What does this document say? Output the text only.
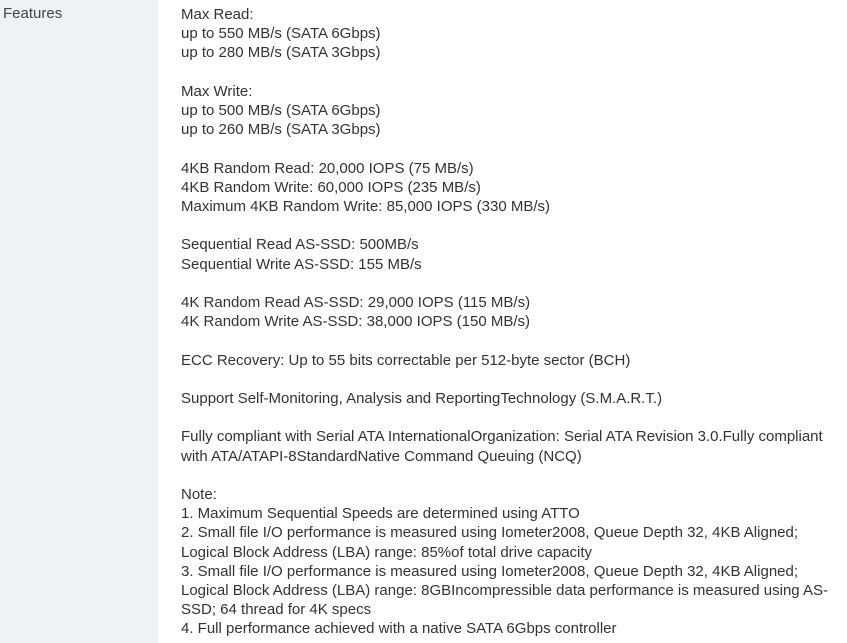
Features	Max Read:
up to 550 MB/s (SATA 6Gbps)
up to 280 MB/s (SATA 3Gbps)
Max Write:
up to 500 MB/s (SATA 6Gbps)
up to 260 MB/s (SATA 3Gbps)
4KB Random Read: 20,000 IOPS (75 MB/s)
4KB Random Write: 60,000 IOPS (235 MB/s)
Maximum 4KB Random Write: 85,000 IOPS (330 MB/s)
Sequential Read AS-SSD: 500MB/s
Sequential Write AS-SSD: 155 MB/s
4K Random Read AS-SSD: 29,000 IOPS (115 MB/s)
4K Random Write AS-SSD: 38,000 IOPS (150 MB/s)
ECC Recovery: Up to 55 bits correctable per 512-byte sector (BCH)
Support Self-Monitoring, Analysis and ReportingTechnology (S.M.A.R.T.)
Fully compliant with Serial ATA InternationalOrganization: Serial ATA Revision 3.0.Fully compliant with ATA/ATAPI-8StandardNative Command Queuing (NCQ)
Note:
1. Maximum Sequential Speeds are determined using ATTO
2. Small file I/O performance is measured using Iometer2008, Queue Depth 32, 4KB Aligned; Logical Block Address (LBA) range: 85%of total drive capacity
3. Small file I/O performance is measured using Iometer2008, Queue Depth 32, 4KB Aligned; Logical Block Address (LBA) range: 8GBIncompressible data performance is measured using AS-SSD; 64 thread for 4K specs
4. Full performance achieved with a native SATA 6Gbps controller
